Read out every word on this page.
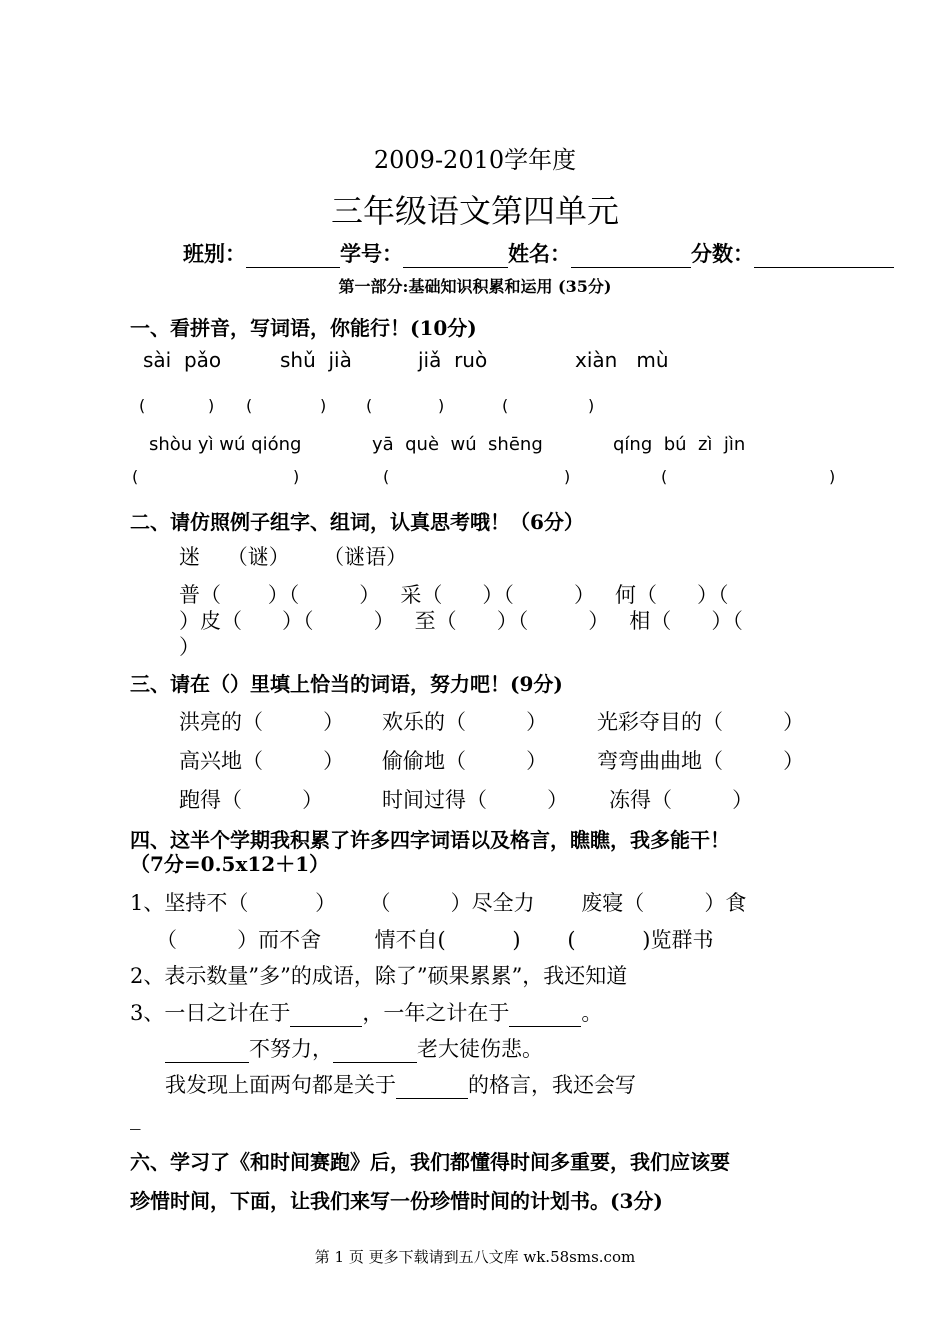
2009-2010学年度
三年级语文第四单元
班别：	学号：	姓名：	分数：
第一部分:基础知识积累和运用 (35分)
一、看拼音，写词语，你能行！(10分)
sài  pǎo	shǔ  jià	jiǎ  ruò	xiàn   mù
(	) (	) (	)	(	)
shòu yì wú qióng	yā  què  wú  shēng	qíng  bú  zì  jìn
(	)	(	)	(	)
二、请仿照例子组字、组词，认真思考哦！（6分）
迷    （谜）     （谜语）
普（       ）（         ）   采（      ）（         ）   何（      ）（
）皮（      ）（         ）   至（      ）（         ）   相（      ）（
）
三、请在（）里填上恰当的词语，努力吧！(9分)
洪亮的（         ） 欢乐的（         ） 光彩夺目的（         ）
高兴地（         ） 偷偷地（         ） 弯弯曲曲地（         ）
跑得（         ）	时间过得（         ） 冻得（         ）
四、这半个学期我积累了许多四字词语以及格言，瞧瞧，我多能干！
（7分=0.5x12＋1）
1、坚持不（          ）     （         ）尽全力       废寝（         ）食
（         ）而不舍        情不自(          )       (          )览群书
2、表示数量”多”的成语，除了”硕果累累”，我还知道
3、一日之计在于	，一年之计在于	。
不努力，	老大徒伤悲。
我发现上面两句都是关于	的格言，我还会写
_
六、学习了《和时间赛跑》后，我们都懂得时间多重要，我们应该要
珍惜时间，下面，让我们来写一份珍惜时间的计划书。(3分)
第 1 页 更多下载请到五八文库 wk.58sms.com
